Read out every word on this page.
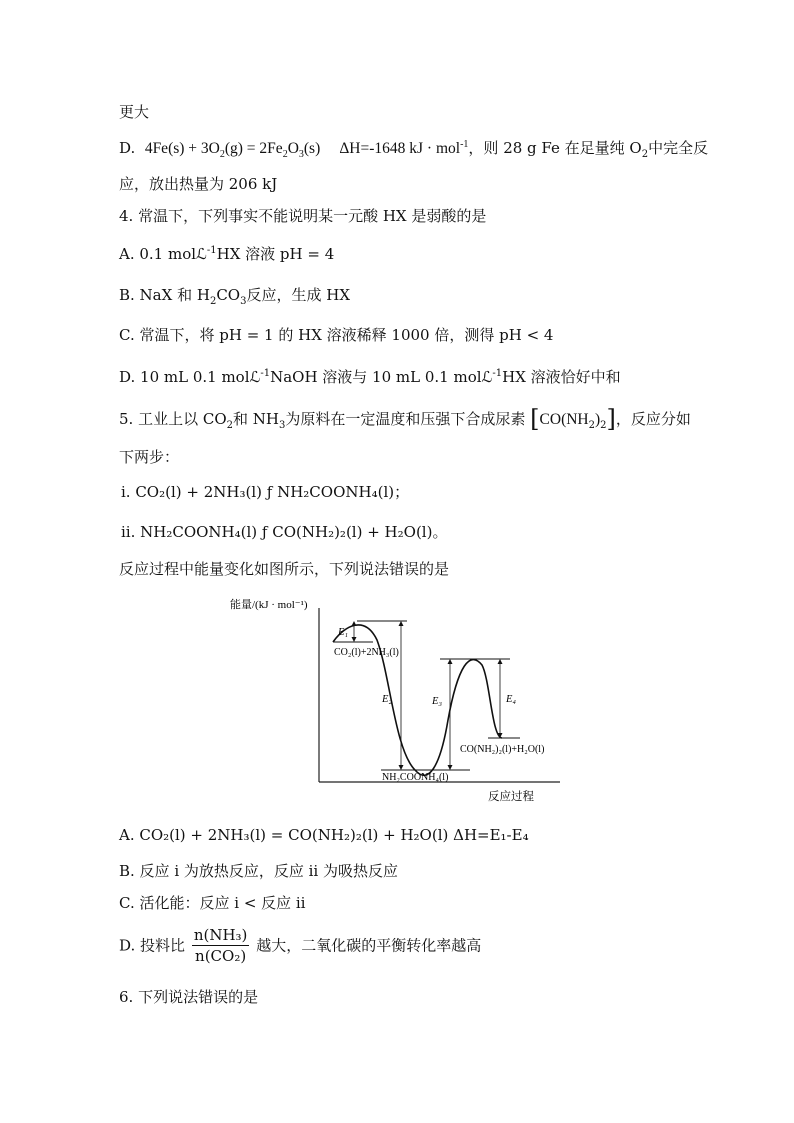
更大
D. $4Fe(s) + 3O_2(g) = 2Fe_2O_3(s)$ ΔH=-1648 kJ · mol$^{-1}$，则 28 g Fe 在足量纯 $O_2$中完全反
应，放出热量为 206 kJ
4. 常温下，下列事实不能说明某一元酸 HX 是弱酸的是
A. 0.1 molℒ$^{-1}$HX 溶液 pH = 4
B. NaX 和 $H_2CO_3$反应，生成 HX
C. 常温下，将 pH = 1 的 HX 溶液稀释 1000 倍，测得 pH < 4
D. 10 mL 0.1 molℒ$^{-1}$NaOH 溶液与 10 mL 0.1 molℒ$^{-1}$HX 溶液恰好中和
5. 工业上以 $CO_2$和 $NH_3$为原料在一定温度和压强下合成尿素 $[CO(NH_2)_2]$，反应分如
下两步：
ⅰ. CO₂(l) + 2NH₃(l) ƒ NH₂COONH₄(l)；
ⅱ. NH₂COONH₄(l) ƒ CO(NH₂)₂(l) + H₂O(l)。
反应过程中能量变化如图所示，下列说法错误的是
能量/(kJ · mol⁻¹)
反应过程
E₁
E₂	E₃	E₄
CO₂(l)+2NH₃(l)
NH₂COONH₄(l)
CO(NH₂)₂(l)+H₂O(l)
A. CO₂(l) + 2NH₃(l) = CO(NH₂)₂(l) + H₂O(l) ΔH=E₁-E₄
B. 反应 ⅰ 为放热反应，反应 ⅱ 为吸热反应
C. 活化能：反应 ⅰ < 反应 ⅱ
D. 投料比 $\frac{\text{n(NH₃)}}{\text{n(CO₂)}}$ 越大，二氧化碳的平衡转化率越高
6. 下列说法错误的是
